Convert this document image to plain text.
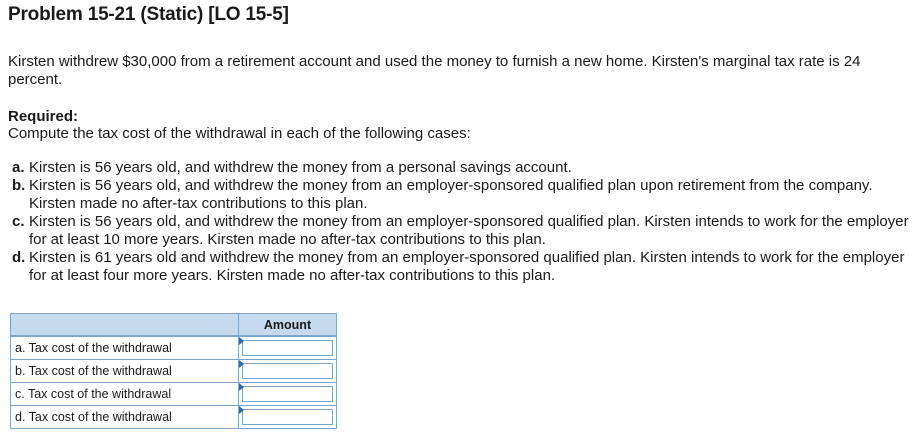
Problem 15-21 (Static) [LO 15-5]
Kirsten withdrew $30,000 from a retirement account and used the money to furnish a new home. Kirsten's marginal tax rate is 24 percent.
Required:
Compute the tax cost of the withdrawal in each of the following cases:
a. Kirsten is 56 years old, and withdrew the money from a personal savings account.
b. Kirsten is 56 years old, and withdrew the money from an employer-sponsored qualified plan upon retirement from the company. Kirsten made no after-tax contributions to this plan.
c. Kirsten is 56 years old, and withdrew the money from an employer-sponsored qualified plan. Kirsten intends to work for the employer for at least 10 more years. Kirsten made no after-tax contributions to this plan.
d. Kirsten is 61 years old and withdrew the money from an employer-sponsored qualified plan. Kirsten intends to work for the employer for at least four more years. Kirsten made no after-tax contributions to this plan.
	Amount

a. Tax cost of the withdrawal	

b. Tax cost of the withdrawal	

c. Tax cost of the withdrawal	

d. Tax cost of the withdrawal	
